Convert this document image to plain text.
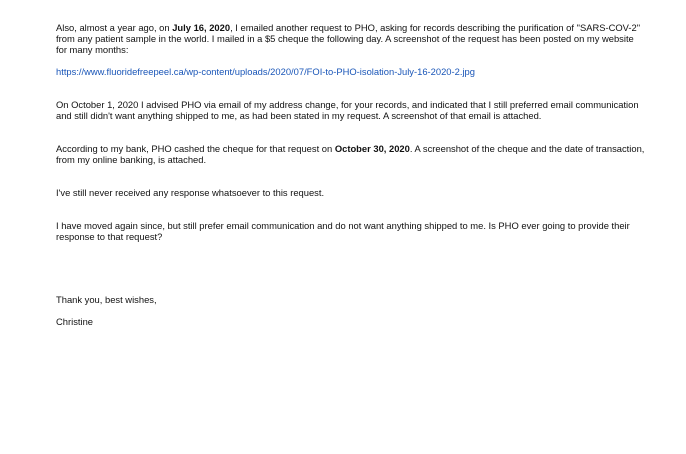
Also, almost a year ago, on July 16, 2020, I emailed another request to PHO, asking for records describing the purification of "SARS-COV-2" from any patient sample in the world. I mailed in a $5 cheque the following day. A screenshot of the request has been posted on my website for many months:

https://www.fluoridefreepeel.ca/wp-content/uploads/2020/07/FOI-to-PHO-isolation-July-16-2020-2.jpg

On October 1, 2020 I advised PHO via email of my address change, for your records, and indicated that I still preferred email communication and still didn't want anything shipped to me, as had been stated in my request. A screenshot of that email is attached.

According to my bank, PHO cashed the cheque for that request on October 30, 2020. A screenshot of the cheque and the date of transaction, from my online banking, is attached.

I've still never received any response whatsoever to this request.

I have moved again since, but still prefer email communication and do not want anything shipped to me. Is PHO ever going to provide their response to that request?

Thank you, best wishes,

Christine
